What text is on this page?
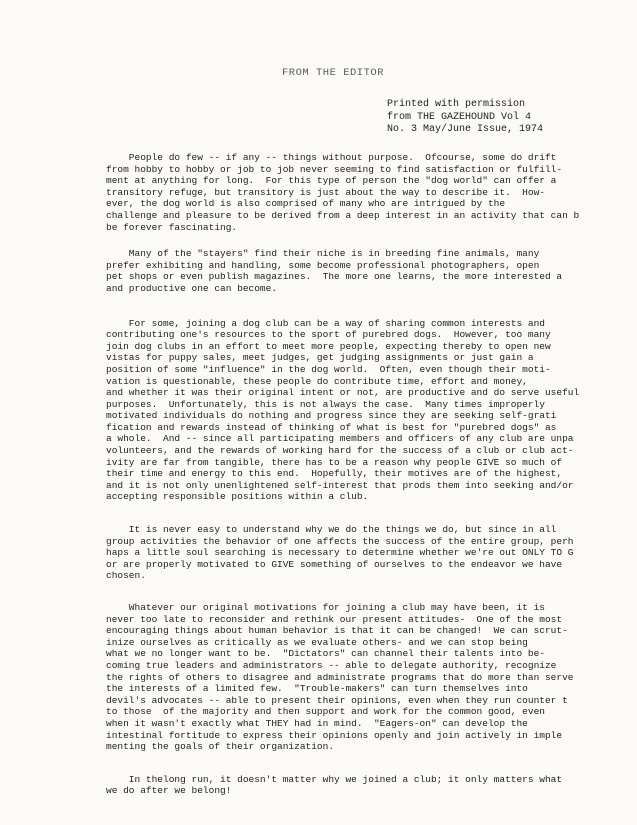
FROM THE EDITOR
Printed with permission
from THE GAZEHOUND Vol 4
No. 3 May/June Issue, 1974
People do few -- if any -- things without purpose.  Ofcourse, some do drift
from hobby to hobby or job to job never seeming to find satisfaction or fulfill-
ment at anything for long.  For this type of person the "dog world" can offer a
transitory refuge, but transitory is just about the way to describe it.  How-
ever, the dog world is also comprised of many who are intrigued by the
challenge and pleasure to be derived from a deep interest in an activity that can b
be forever fascinating.
Many of the "stayers" find their niche is in breeding fine animals, many
prefer exhibiting and handling, some become professional photographers, open
pet shops or even publish magazines.  The more one learns, the more interested a
and productive one can become.
For some, joining a dog club can be a way of sharing common interests and
contributing one's resources to the sport of purebred dogs.  However, too many
join dog clubs in an effort to meet more people, expecting thereby to open new
vistas for puppy sales, meet judges, get judging assignments or just gain a
position of some "influence" in the dog world.  Often, even though their moti-
vation is questionable, these people do contribute time, effort and money,
and whether it was their original intent or not, are productive and do serve useful
purposes.  Unfortunately, this is not always the case.  Many times improperly
motivated individuals do nothing and progress since they are seeking self-grati
fication and rewards instead of thinking of what is best for "purebred dogs" as
a whole.  And -- since all participating members and officers of any club are unpa
volunteers, and the rewards of working hard for the success of a club or club act-
ivity are far from tangible, there has to be a reason why people GIVE so much of
their time and energy to this end.  Hopefully, their motives are of the highest,
and it is not only unenlightened self-interest that prods them into seeking and/or
accepting responsible positions within a club.
It is never easy to understand why we do the things we do, but since in all
group activities the behavior of one affects the success of the entire group, perh
haps a little soul searching is necessary to determine whether we're out ONLY TO G
or are properly motivated to GIVE something of ourselves to the endeavor we have
chosen.
Whatever our original motivations for joining a club may have been, it is
never too late to reconsider and rethink our present attitudes-  One of the most
encouraging things about human behavior is that it can be changed!  We can scrut-
inize ourselves as critically as we evaluate others- and we can stop being
what we no longer want to be.  "Dictators" can channel their talents into be-
coming true leaders and administrators -- able to delegate authority, recognize
the rights of others to disagree and administrate programs that do more than serve
the interests of a limited few.  "Trouble-makers" can turn themselves into
devil's advocates -- able to present their opinions, even when they run counter t
to those  of the majority and then support and work for the common good, even
when it wasn't exactly what THEY had in mind.  "Eagers-on" can develop the
intestinal fortitude to express their opinions openly and join actively in imple
menting the goals of their organization.
In thelong run, it doesn't matter why we joined a club; it only matters what
we do after we belong!
